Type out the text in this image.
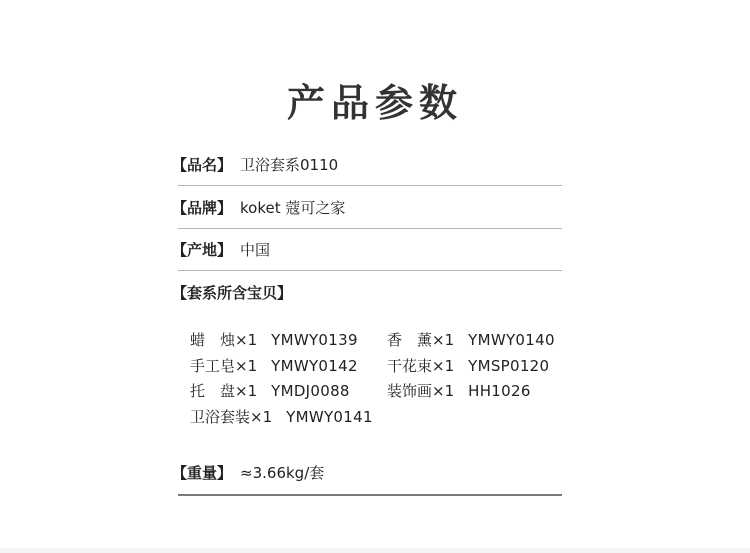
产品参数
【品名】 卫浴套系0110
【品牌】 koket 蔻可之家
【产地】 中国
【套系所含宝贝】
蜡　烛×1 YMWY0139 香　薰×1 YMWY0140
手工皂×1 YMWY0142 干花束×1 YMSP0120
托　盘×1 YMDJ0088 装饰画×1 HH1026
卫浴套装×1 YMWY0141
【重量】 ≈3.66kg/套
